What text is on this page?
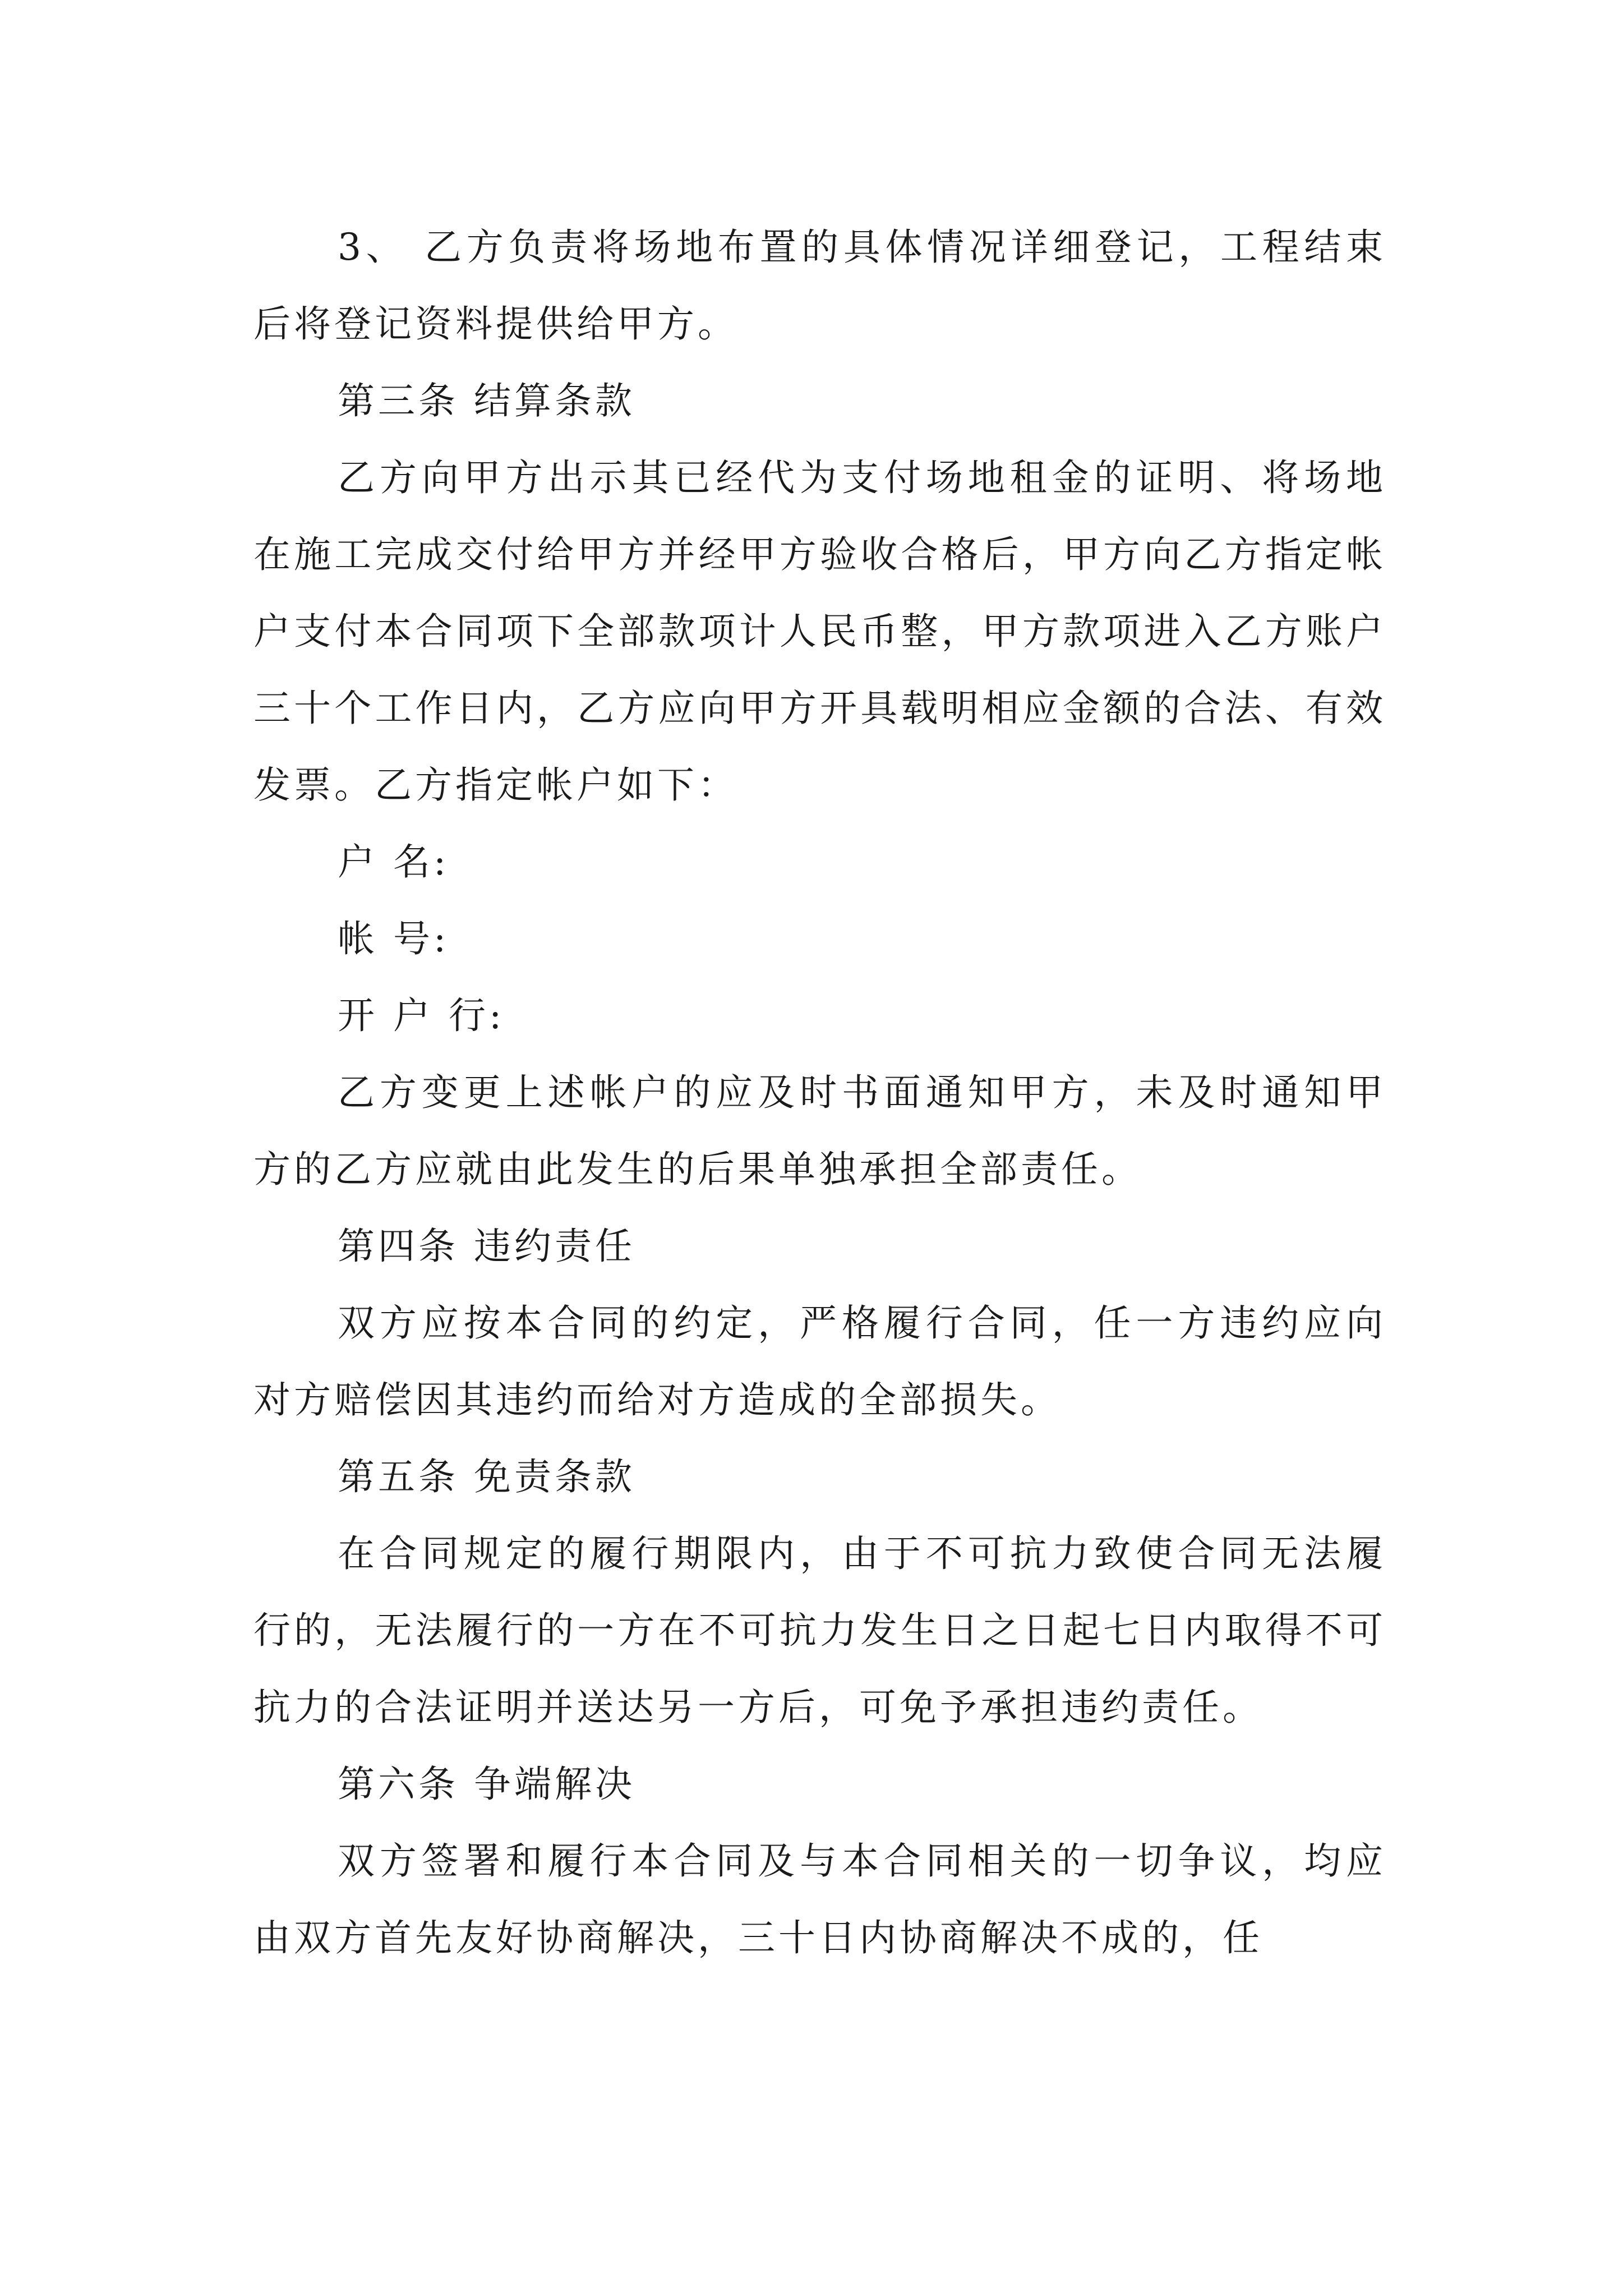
3、 乙方负责将场地布置的具体情况详细登记，工程结束后将登记资料提供给甲方。

第三条 结算条款

乙方向甲方出示其已经代为支付场地租金的证明、将场地在施工完成交付给甲方并经甲方验收合格后，甲方向乙方指定帐户支付本合同项下全部款项计人民币整，甲方款项进入乙方账户三十个工作日内，乙方应向甲方开具载明相应金额的合法、有效发票。乙方指定帐户如下：

户 名:

帐 号:

开 户 行:

乙方变更上述帐户的应及时书面通知甲方，未及时通知甲方的乙方应就由此发生的后果单独承担全部责任。

第四条 违约责任

双方应按本合同的约定，严格履行合同，任一方违约应向对方赔偿因其违约而给对方造成的全部损失。

第五条 免责条款

在合同规定的履行期限内，由于不可抗力致使合同无法履行的，无法履行的一方在不可抗力发生日之日起七日内取得不可抗力的合法证明并送达另一方后，可免予承担违约责任。

第六条 争端解决

双方签署和履行本合同及与本合同相关的一切争议，均应由双方首先友好协商解决，三十日内协商解决不成的，任
